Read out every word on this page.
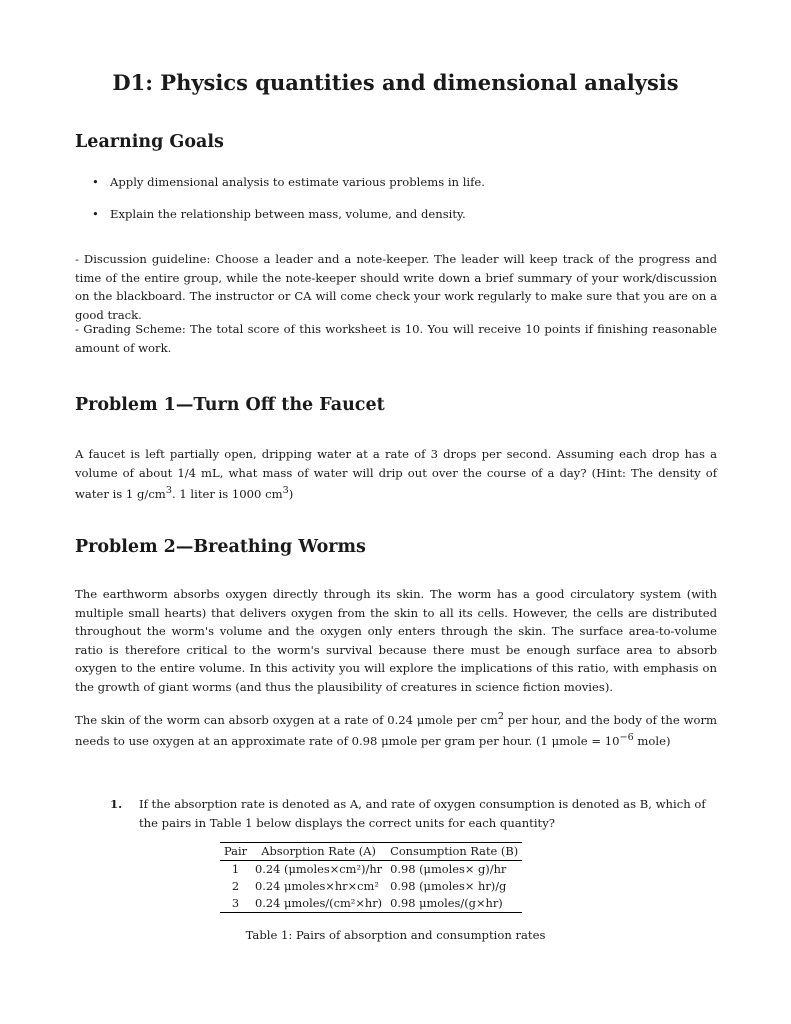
D1: Physics quantities and dimensional analysis
Learning Goals
• Apply dimensional analysis to estimate various problems in life.
• Explain the relationship between mass, volume, and density.

- Discussion guideline: Choose a leader and a note-keeper. The leader will keep track of the progress and time of the entire group, while the note-keeper should write down a brief summary of your work/discussion on the blackboard. The instructor or CA will come check your work regularly to make sure that you are on a good track.

- Grading Scheme: The total score of this worksheet is 10. You will receive 10 points if finishing reasonable amount of work.

Problem 1—Turn Off the Faucet

A faucet is left partially open, dripping water at a rate of 3 drops per second. Assuming each drop has a volume of about 1/4 mL, what mass of water will drip out over the course of a day? (Hint: The density of water is 1 $g/cm^3$. 1 liter is 1000 $cm^3$)

Problem 2—Breathing Worms

The earthworm absorbs oxygen directly through its skin. The worm has a good circulatory system (with multiple small hearts) that delivers oxygen from the skin to all its cells. However, the cells are distributed throughout the worm's volume and the oxygen only enters through the skin. The surface area-to-volume ratio is therefore critical to the worm's survival because there must be enough surface area to absorb oxygen to the entire volume. In this activity you will explore the implications of this ratio, with emphasis on the growth of giant worms (and thus the plausibility of creatures in science fiction movies).

The skin of the worm can absorb oxygen at a rate of 0.24 μmole per $cm^2$ per hour, and the body of the worm needs to use oxygen at an approximate rate of 0.98 μmole per gram per hour. (1 μmole = $10^{-6}$ mole)

1.	If the absorption rate is denoted as A, and rate of oxygen consumption is denoted as B, which of the pairs in Table 1 below displays the correct units for each quantity?

Pair	Absorption Rate (A)	Consumption Rate (B)
1	0.24 (μmoles×cm²)/hr	0.98 (μmoles× g)/hr
2	0.24 μmoles×hr×cm²	0.98 (μmoles× hr)/g
3	0.24 μmoles/(cm²×hr)	0.98 μmoles/(g×hr)

Table 1: Pairs of absorption and consumption rates
